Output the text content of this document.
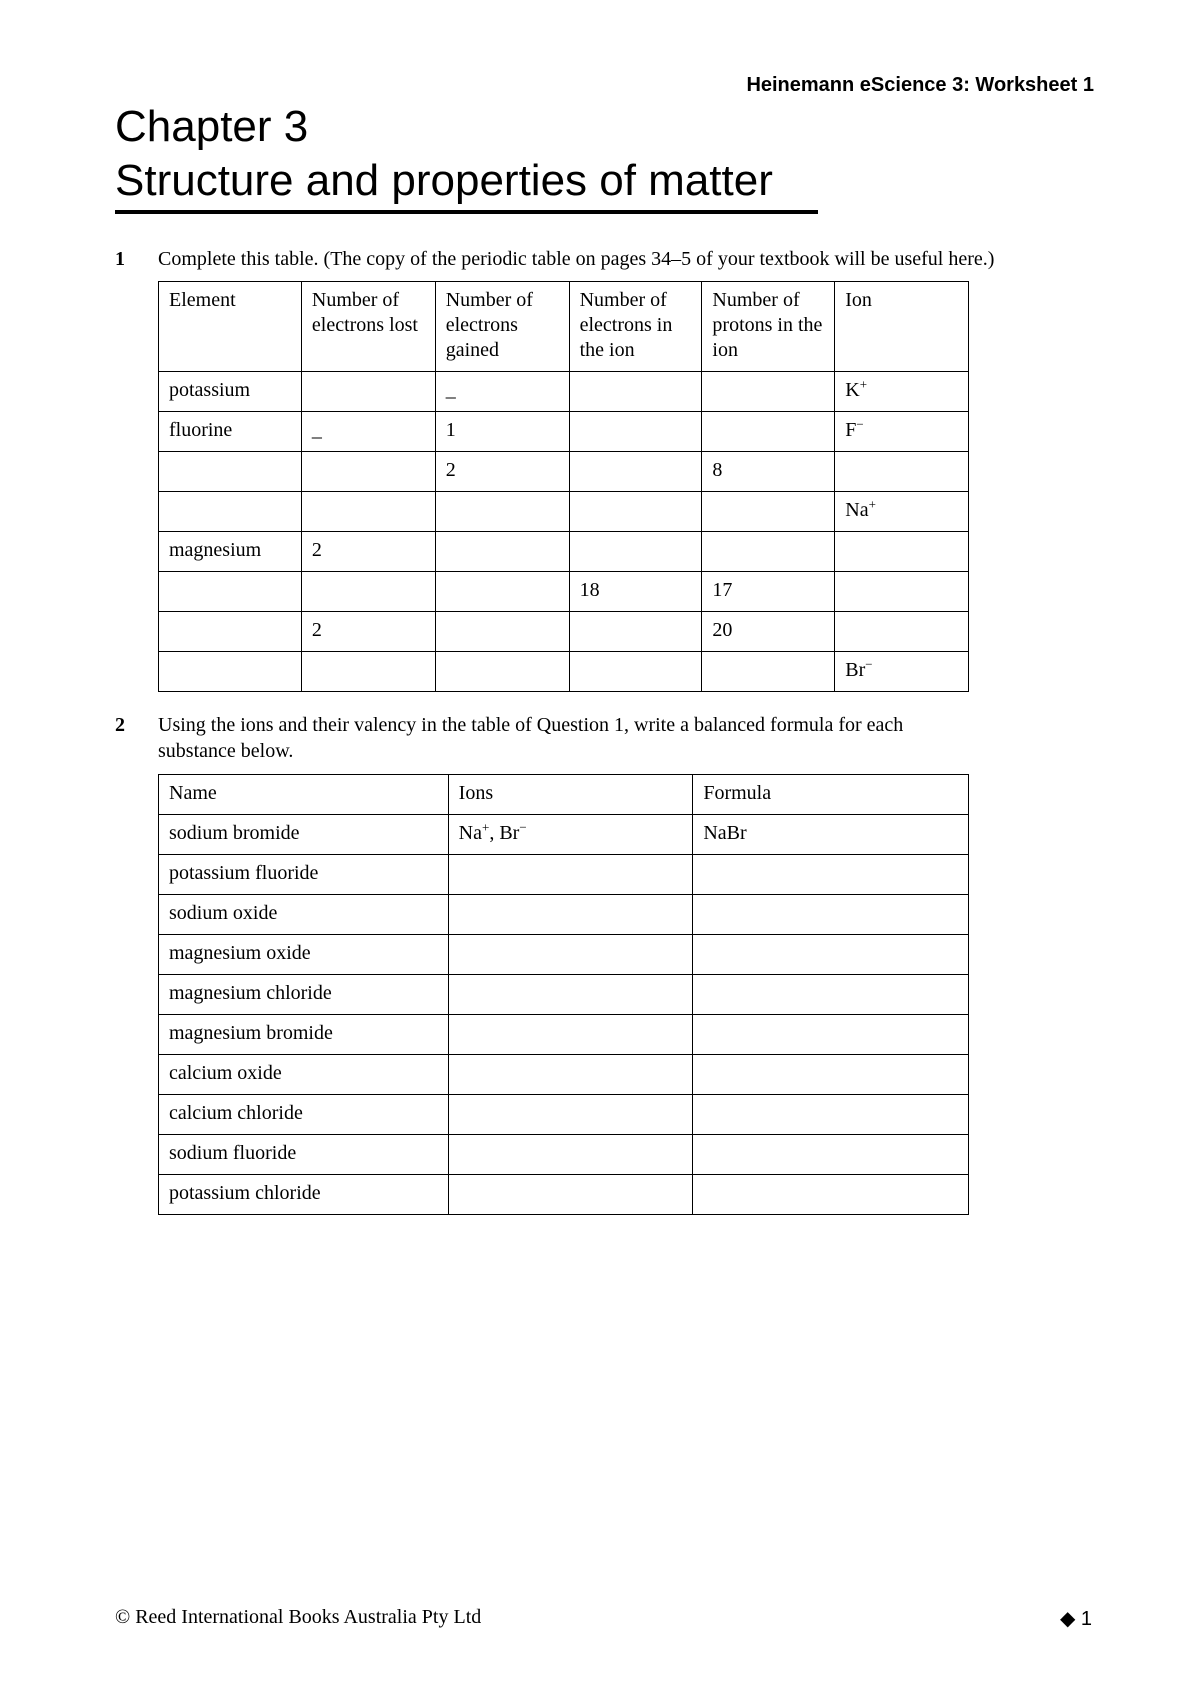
Heinemann eScience 3: Worksheet 1
Chapter 3
Structure and properties of matter
1 Complete this table. (The copy of the periodic table on pages 34–5 of your textbook will be useful here.)
Element	Number of electrons lost	Number of electrons gained	Number of electrons in the ion	Number of protons in the ion	Ion
potassium		_			K+
fluorine	_	1			F−
		2		8	
					Na+
magnesium	2				
			18	17	
	2			20	
					Br−
2 Using the ions and their valency in the table of Question 1, write a balanced formula for each
substance below.
Name	Ions	Formula
sodium bromide	Na+, Br−	NaBr
potassium fluoride		
sodium oxide		
magnesium oxide		
magnesium chloride		
magnesium bromide		
calcium oxide		
calcium chloride		
sodium fluoride		
potassium chloride		
© Reed International Books Australia Pty Ltd	◆ 1
